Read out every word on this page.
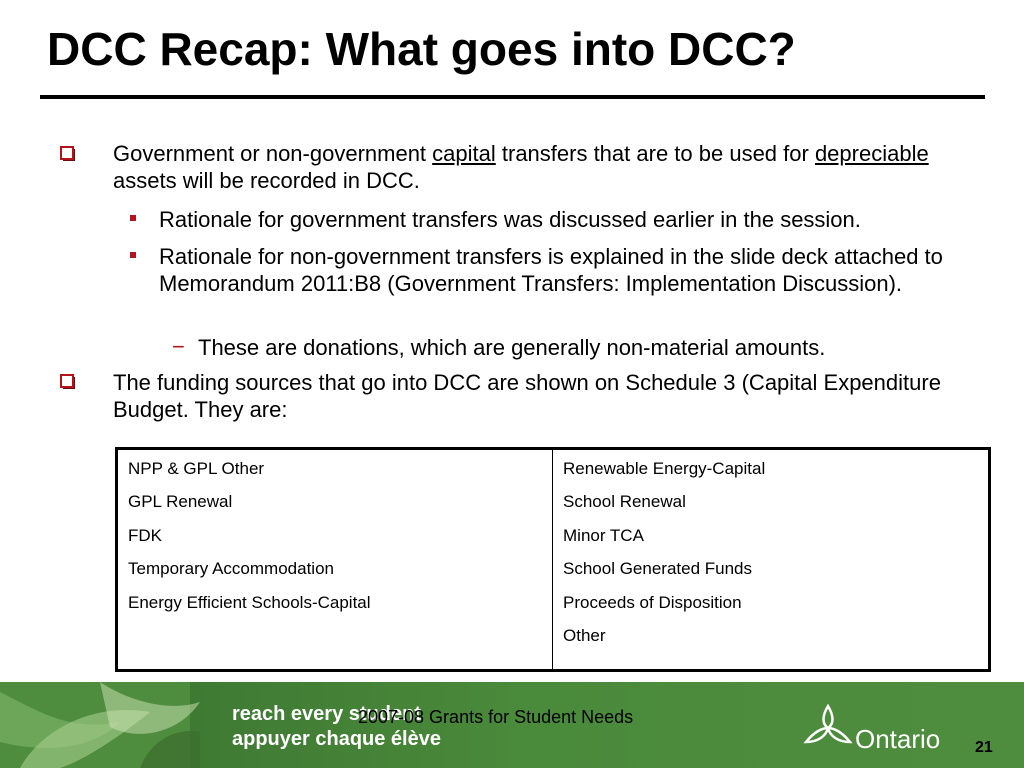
DCC Recap: What goes into DCC?
Government or non-government capital transfers that are to be used for depreciable assets will be recorded in DCC.
Rationale for government transfers was discussed earlier in the session.
Rationale for non-government transfers is explained in the slide deck attached to Memorandum 2011:B8 (Government Transfers: Implementation Discussion).
− These are donations, which are generally non-material amounts.
The funding sources that go into DCC are shown on Schedule 3 (Capital Expenditure Budget. They are:
NPP & GPL Other
GPL Renewal
FDK
Temporary Accommodation
Energy Efficient Schools-Capital
Renewable Energy-Capital
School Renewal
Minor TCA
School Generated Funds
Proceeds of Disposition
Other
reach every student
appuyer chaque élève
2007-08 Grants for Student Needs
Ontario 21
